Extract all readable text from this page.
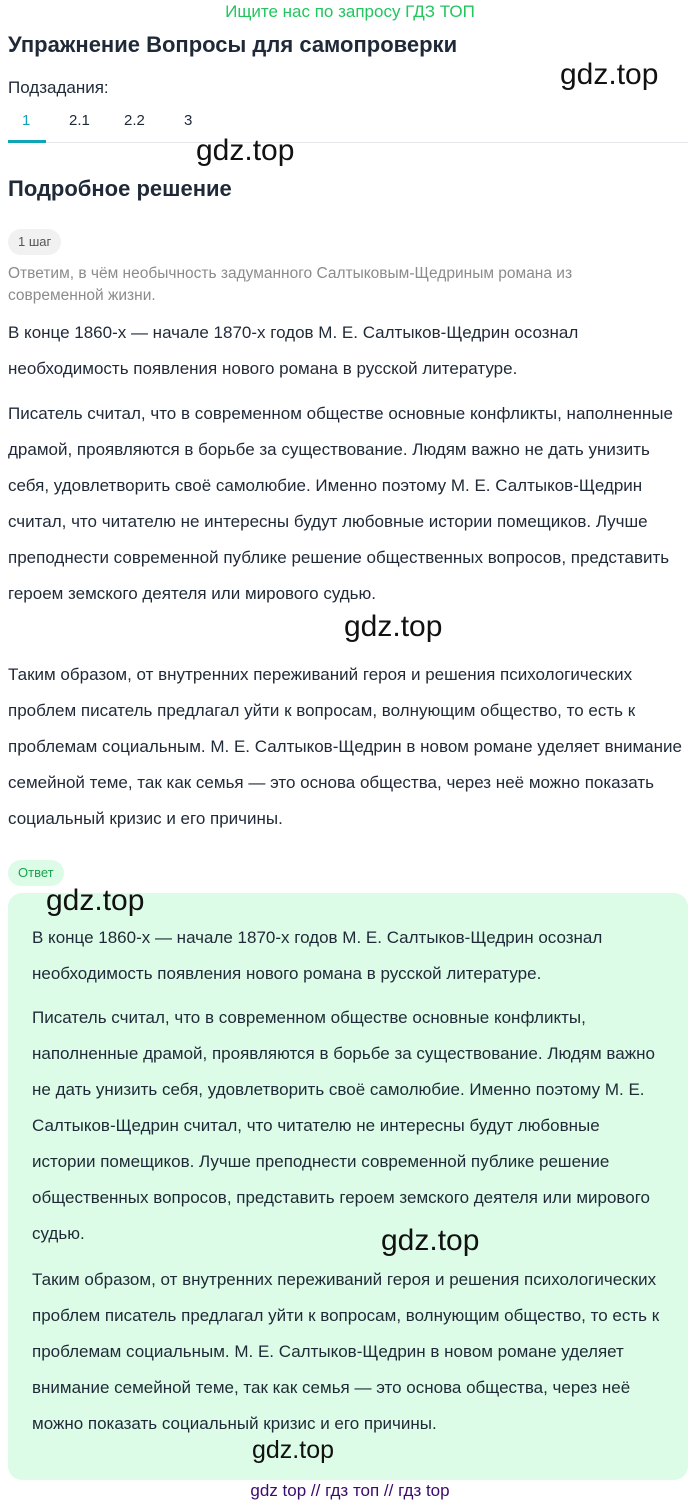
Ищите нас по запросу ГДЗ ТОП
Упражнение Вопросы для самопроверки
Подзадания:
1	2.1 2.2	3
Подробное решение
1 шаг
Ответим, в чём необычность задуманного Салтыковым-Щедриным романа из современной жизни.
В конце 1860-х — начале 1870-х годов М. Е. Салтыков-Щедрин осознал необходимость появления нового романа в русской литературе.
Писатель считал, что в современном обществе основные конфликты, наполненные драмой, проявляются в борьбе за существование. Людям важно не дать унизить себя, удовлетворить своё самолюбие. Именно поэтому М. Е. Салтыков-Щедрин считал, что читателю не интересны будут любовные истории помещиков. Лучше преподнести современной публике решение общественных вопросов, представить героем земского деятеля или мирового судью.
Таким образом, от внутренних переживаний героя и решения психологических проблем писатель предлагал уйти к вопросам, волнующим общество, то есть к проблемам социальным. М. Е. Салтыков-Щедрин в новом романе уделяет внимание семейной теме, так как семья — это основа общества, через неё можно показать социальный кризис и его причины.
Ответ
В конце 1860-х — начале 1870-х годов М. Е. Салтыков-Щедрин осознал необходимость появления нового романа в русской литературе.
Писатель считал, что в современном обществе основные конфликты, наполненные драмой, проявляются в борьбе за существование. Людям важно не дать унизить себя, удовлетворить своё самолюбие. Именно поэтому М. Е. Салтыков-Щедрин считал, что читателю не интересны будут любовные истории помещиков. Лучше преподнести современной публике решение общественных вопросов, представить героем земского деятеля или мирового судью.
Таким образом, от внутренних переживаний героя и решения психологических проблем писатель предлагал уйти к вопросам, волнующим общество, то есть к проблемам социальным. М. Е. Салтыков-Щедрин в новом романе уделяет внимание семейной теме, так как семья — это основа общества, через неё можно показать социальный кризис и его причины.
gdz.top
gdz.top
gdz.top
gdz.top
gdz.top
gdz.top
gdz top // гдз топ // гдз top
